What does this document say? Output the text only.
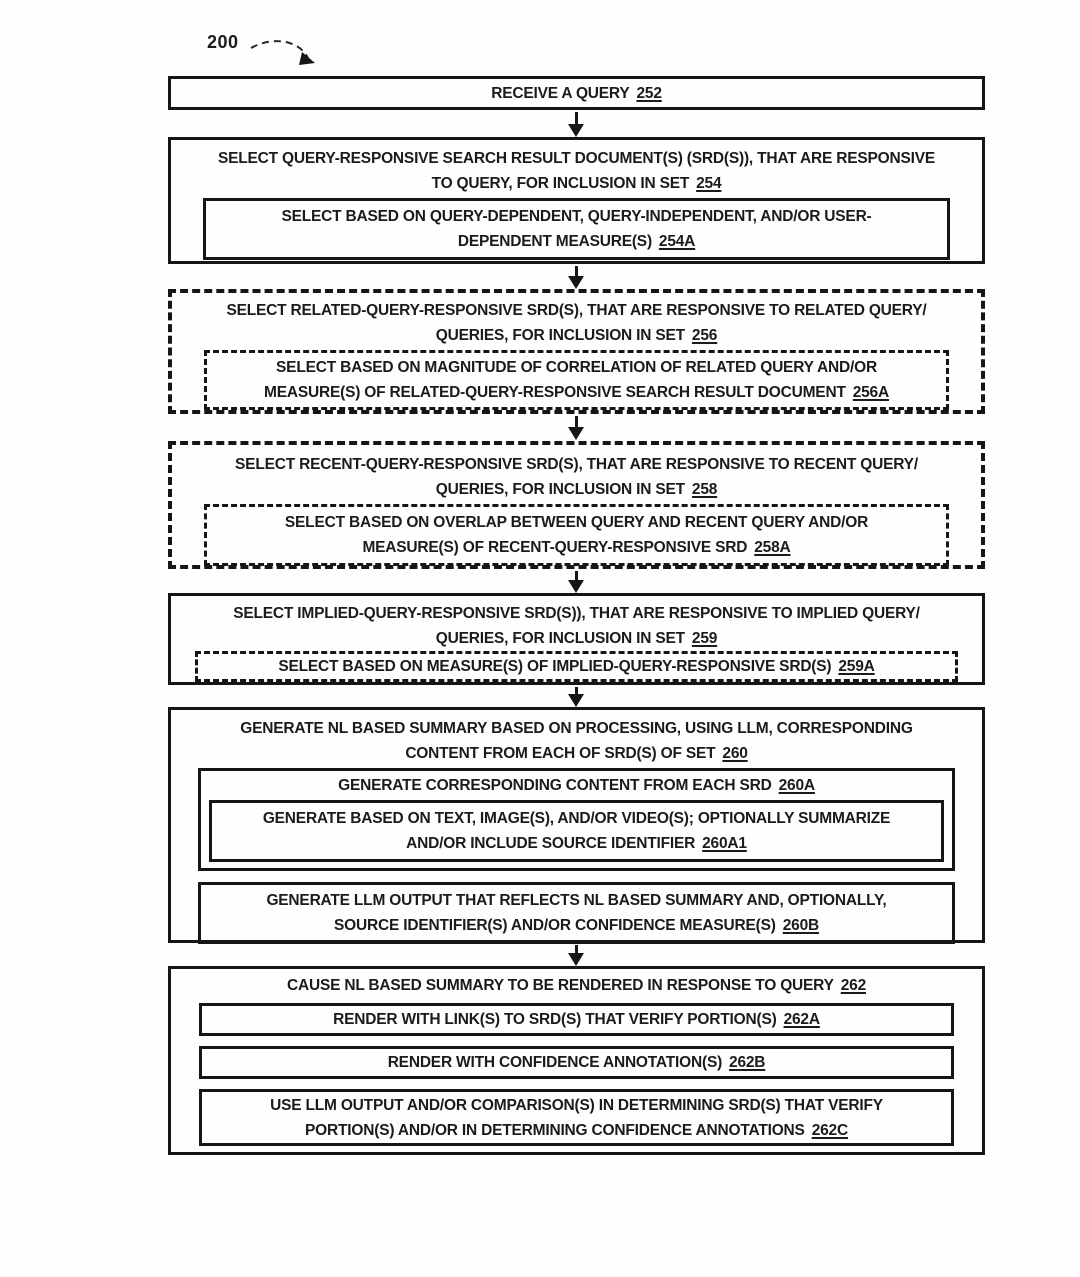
200
RECEIVE A QUERY 252
SELECT QUERY-RESPONSIVE SEARCH RESULT DOCUMENT(S) (SRD(S)), THAT ARE RESPONSIVE
TO QUERY, FOR INCLUSION IN SET 254
SELECT BASED ON QUERY-DEPENDENT, QUERY-INDEPENDENT, AND/OR USER-
DEPENDENT MEASURE(S) 254A
SELECT RELATED-QUERY-RESPONSIVE SRD(S), THAT ARE RESPONSIVE TO RELATED QUERY/
QUERIES, FOR INCLUSION IN SET 256
SELECT BASED ON MAGNITUDE OF CORRELATION OF RELATED QUERY AND/OR
MEASURE(S) OF RELATED-QUERY-RESPONSIVE SEARCH RESULT DOCUMENT 256A
SELECT RECENT-QUERY-RESPONSIVE SRD(S), THAT ARE RESPONSIVE TO RECENT QUERY/
QUERIES, FOR INCLUSION IN SET 258
SELECT BASED ON OVERLAP BETWEEN QUERY AND RECENT QUERY AND/OR
MEASURE(S) OF RECENT-QUERY-RESPONSIVE SRD 258A
SELECT IMPLIED-QUERY-RESPONSIVE SRD(S)), THAT ARE RESPONSIVE TO IMPLIED QUERY/
QUERIES, FOR INCLUSION IN SET 259
SELECT BASED ON MEASURE(S) OF IMPLIED-QUERY-RESPONSIVE SRD(S) 259A
GENERATE NL BASED SUMMARY BASED ON PROCESSING, USING LLM, CORRESPONDING
CONTENT FROM EACH OF SRD(S) OF SET 260
GENERATE CORRESPONDING CONTENT FROM EACH SRD 260A
GENERATE BASED ON TEXT, IMAGE(S), AND/OR VIDEO(S); OPTIONALLY SUMMARIZE
AND/OR INCLUDE SOURCE IDENTIFIER 260A1
GENERATE LLM OUTPUT THAT REFLECTS NL BASED SUMMARY AND, OPTIONALLY,
SOURCE IDENTIFIER(S) AND/OR CONFIDENCE MEASURE(S) 260B
CAUSE NL BASED SUMMARY TO BE RENDERED IN RESPONSE TO QUERY 262
RENDER WITH LINK(S) TO SRD(S) THAT VERIFY PORTION(S) 262A
RENDER WITH CONFIDENCE ANNOTATION(S) 262B
USE LLM OUTPUT AND/OR COMPARISON(S) IN DETERMINING SRD(S) THAT VERIFY
PORTION(S) AND/OR IN DETERMINING CONFIDENCE ANNOTATIONS 262C
